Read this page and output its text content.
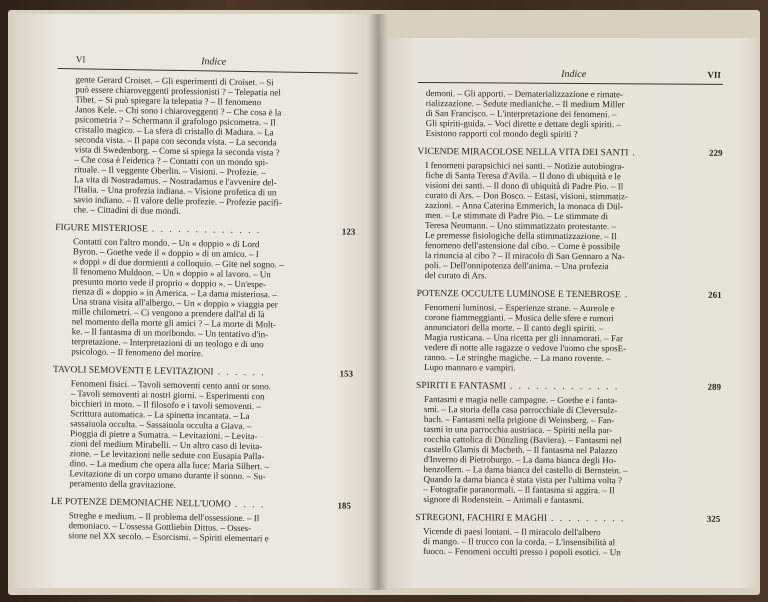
VI	Indice
gente Gerard Croiset. – Gli esperimenti di Croiset. – Si
può essere chiaroveggenti professionisti ? – Telepatia nel
Tibet. – Si può spiegare la telepatia ? – Il fenomeno
Janos Kele. – Chi sono i chiaroveggenti ? – Che cosa è la
psicometria ? – Schermann il grafologo psicometra. – Il
cristallo magico. – La sfera di cristallo di Madura. – La
seconda vista. – Il papa con seconda vista. – La seconda
vista di Swedenborg. – Come si spiega la seconda vista ?
– Che cosa è l'eidetica ? – Contatti con un mondo spi-
rituale. – Il veggente Oberlin. – Visioni. – Profezie. –
La vita di Nostradamus. – Nostradamus e l'avvenire del-
l'Italia. – Una profezia indiana. – Visione profetica di un
savio indiano. – Il valore delle profezie. – Profezie pacifi-
che. – Cittadini di due mondi.
FIGURE MISTERIOSE . . . . . . . . . . . . .	123
Contatti con l'altro mondo. – Un « doppio » di Lord
Byron. – Goethe vede il « doppio » di un amico. – I
« doppi » di due dormienti a colloquio. – Gite nel sogno. –
Il fenomeno Muldoon. – Un « doppio » al lavoro. – Un
presunto morto vede il proprio « doppio ». – Un'espe-
rienza di « doppio » in America. – La dama misteriosa. –
Una strana visita all'albergo. – Un « doppio » viaggia per
mille chilometri. – Ci vengono a prendere dall'al di là
nel momento della morte gli amici ? – La morte di Molt-
ke. – Il fantasma di un moribondo. – Un tentativo d'in-
terpretazione. – Interpretazioni di un teologo e di uno
psicologo. – Il fenomeno del morire.
TAVOLI SEMOVENTI E LEVITAZIONI . . . . . .	153
Fenomeni fisici. – Tavoli semoventi cento anni or sono.
– Tavoli semoventi ai nostri giorni. – Esperimenti con
bicchieri in moto. – Il filosofo e i tavoli semoventi. –
Scrittura automatica. – La spinetta incantata. – La
sassaiuola occulta. – Sassaiuola occulta a Giava. –
Pioggia di pietre a Sumatra. – Levitazioni. – Levita-
zioni del medium Mirabelli. – Un altro caso di levita-
zione. – Le levitazioni nelle sedute con Eusapia Palla-
dino. – La medium che opera alla luce: Maria Silbert. –
Levitazione di un corpo umano durante il sonno. – Su-
peramento della gravitazione.
LE POTENZE DEMONIACHE NELL'UOMO . . . .	185
Streghe e medium. – Il problema dell'ossessione. – Il
demoniaco. – L'ossessa Gottliebin Dittus. – Osses-
sione nel XX secolo. – Esorcismi. – Spiriti elementari e
Indice	VII
demoni. – Gli apporti. – Dematerializzazione e rimate-
rializzazione. – Sedute medianiche. – Il medium Miller
di San Francisco. – L'interpretazione dei fenomeni. –
Gli spiriti-guida. – Voci dirette e dettate degli spiriti. –
Esistono rapporti col mondo degli spiriti ?
VICENDE MIRACOLOSE NELLA VITA DEI SANTI .	229
I fenomeni parapsichici nei santi. – Notizie autobiogra-
fiche di Santa Teresa d'Avila. – Il dono di ubiquità e le
visioni dei santi. – Il dono di ubiquità di Padre Pio. – Il
curato di Ars. – Don Bosco. – Estasi, visioni, stimmatiz-
zazioni. – Anna Caterina Emmerich, la monaca di Dül-
men. – Le stimmate di Padre Pio. – Le stimmate di
Teresa Neumann. – Uno stimmatizzato protestante. –
Le premesse fisiologiche della stimmatizzazione. – Il
fenomeno dell'astensione dal cibo. – Come è possibile
la rinuncia al cibo ? – Il miracolo di San Gennaro a Na-
poli. – Dell'onnipotenza dell'anima. – Una profezia
del curato di Ars.
POTENZE OCCULTE LUMINOSE E TENEBROSE .	261
Fenomeni luminosi. – Esperienze strane. – Aureole e
corone fiammeggianti. – Musica delle sfere e rumori
annunciatori della morte. – Il canto degli spiriti. –
Magia rusticana. – Una ricetta per gli innamorati. – Far
vedere di notte alle ragazze o vedove l'uomo che sposE-
ranno. – Le stringhe magiche. – La mano rovente. –
Lupo mannaro e vampiri.
SPIRITI E FANTASMI . . . . . . . . . . . . .	289
Fantasmi e magia nelle campagne. – Goethe e i fanta-
smi. – La storia della casa parrocchiale di Cleversulz-
bach. – Fantasmi nella prigione di Weinsberg. – Fan-
tasmi in una parrocchia austriaca. – Spiriti nella par-
rocchia cattolica di Dünzling (Baviera). – Fantasmi nel
castello Glamis di Macbeth. – Il fantasma nel Palazzo
d'Inverno di Pietroburgo. – La dama bianca degli Ho-
henzollern. – La dama bianca del castello di Bernstein. –
Quando la dama bianca è stata vista per l'ultima volta ?
– Fotografie paranormali. – Il fantasma si aggira. – Il
signore di Rodenstein. – Animali e fantasmi.
STREGONI, FACHIRI E MAGHI . . . . . . . . .	325
Vicende di paesi lontani. – Il miracolo dell'albero
di mango. – Il trucco con la corda. – L'insensibilità al
fuoco. – Fenomeni occulti presso i popoli esotici. – Un
